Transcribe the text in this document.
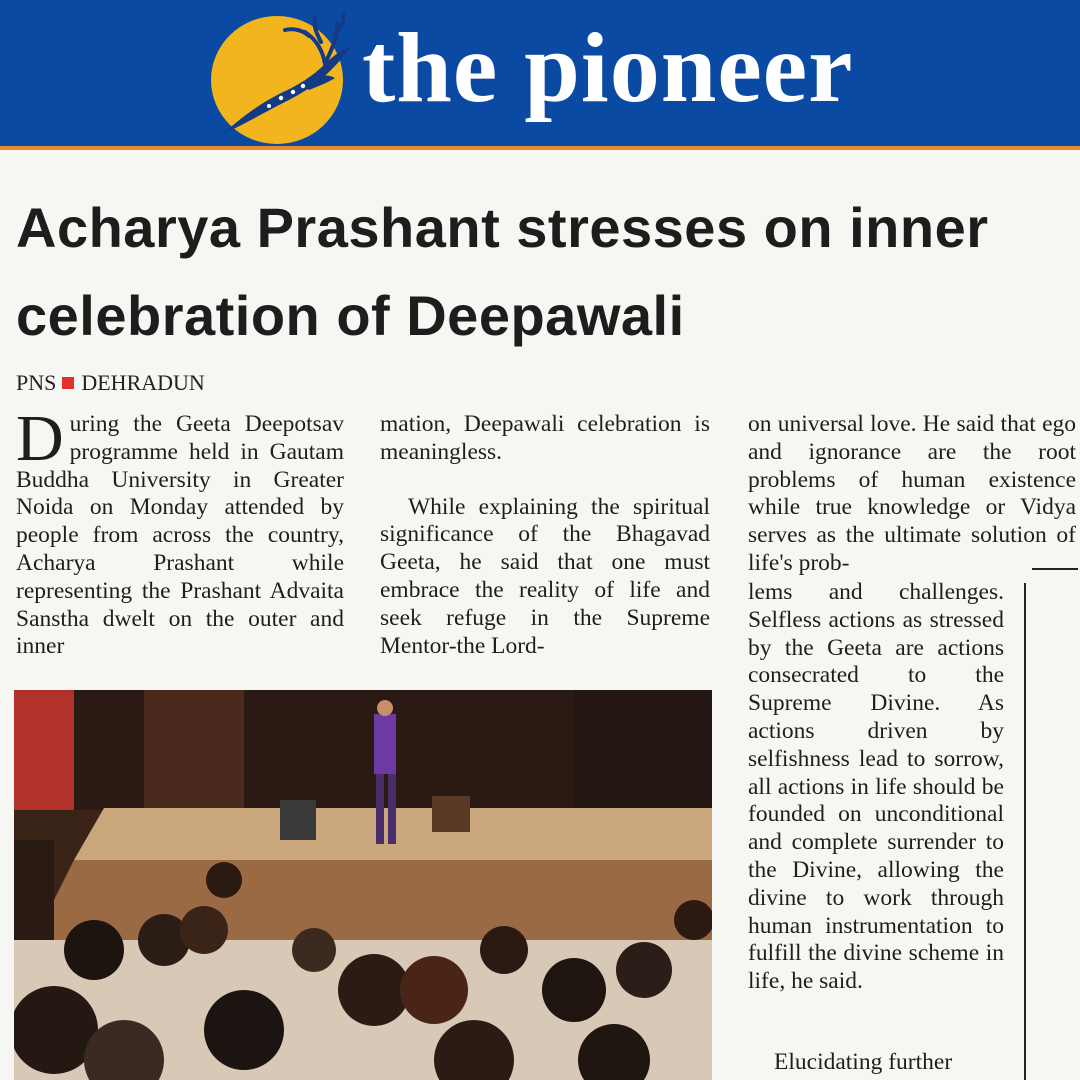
the pioneer
Acharya Prashant stresses on inner celebration of Deepawali
PNS DEHRADUN
During the Geeta Deepotsav programme held in Gautam Buddha University in Greater Noida on Monday attended by people from across the country, Acharya Prashant while representing the Prashant Advaita Sanstha dwelt on the outer and inner

mation, Deepawali celebration is meaningless.

While explaining the spiritual significance of the Bhagavad Geeta, he said that one must embrace the reality of life and seek refuge in the Supreme Mentor-the Lord-

on universal love. He said that ego and ignorance are the root problems of human existence while true knowledge or Vidya serves as the ultimate solution of life's prob-

lems and challenges. Selfless actions as stressed by the Geeta are actions consecrated to the Supreme Divine. As actions driven by selfishness lead to sorrow, all actions in life should be founded on unconditional and complete surrender to the Divine, allowing the divine to work through human instrumentation to fulfill the divine scheme in life, he said.

Elucidating further
